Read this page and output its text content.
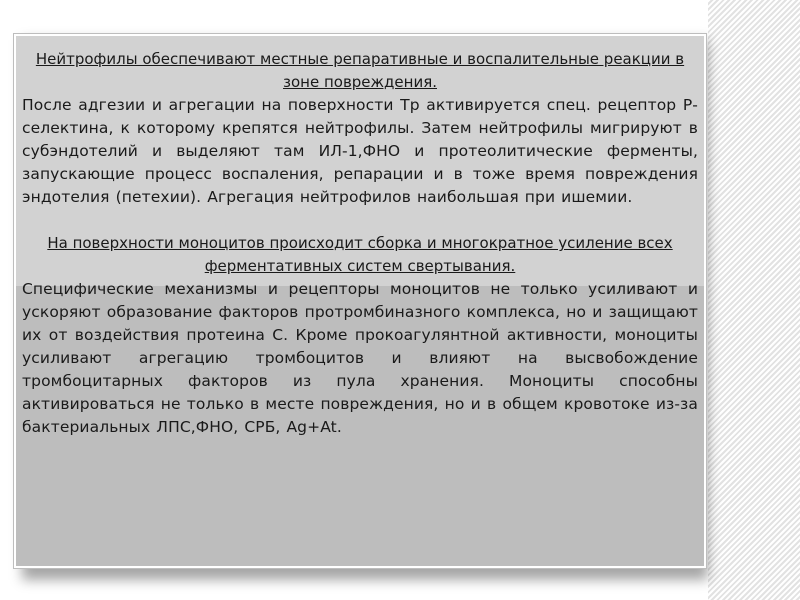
Нейтрофилы обеспечивают местные репаративные и воспалительные реакции в зоне повреждения.
После адгезии и агрегации на поверхности Тр активируется спец. рецептор Р-селектина, к которому крепятся нейтрофилы. Затем нейтрофилы мигрируют в субэндотелий и выделяют там ИЛ-1,ФНО и протеолитические ферменты, запускающие процесс воспаления, репарации и в тоже время повреждения эндотелия (петехии). Агрегация нейтрофилов наибольшая при ишемии.
На поверхности моноцитов происходит сборка и многократное усиление всех ферментативных систем свертывания.
Специфические механизмы и рецепторы моноцитов не только усиливают и ускоряют образование факторов протромбиназного комплекса, но и защищают их от воздействия протеина С. Кроме прокоагулянтной активности, моноциты усиливают агрегацию тромбоцитов и влияют на высвобождение тромбоцитарных факторов из пула хранения. Моноциты способны активироваться не только в месте повреждения, но и в общем кровотоке из-за бактериальных ЛПС,ФНО, СРБ, Ag+At.
